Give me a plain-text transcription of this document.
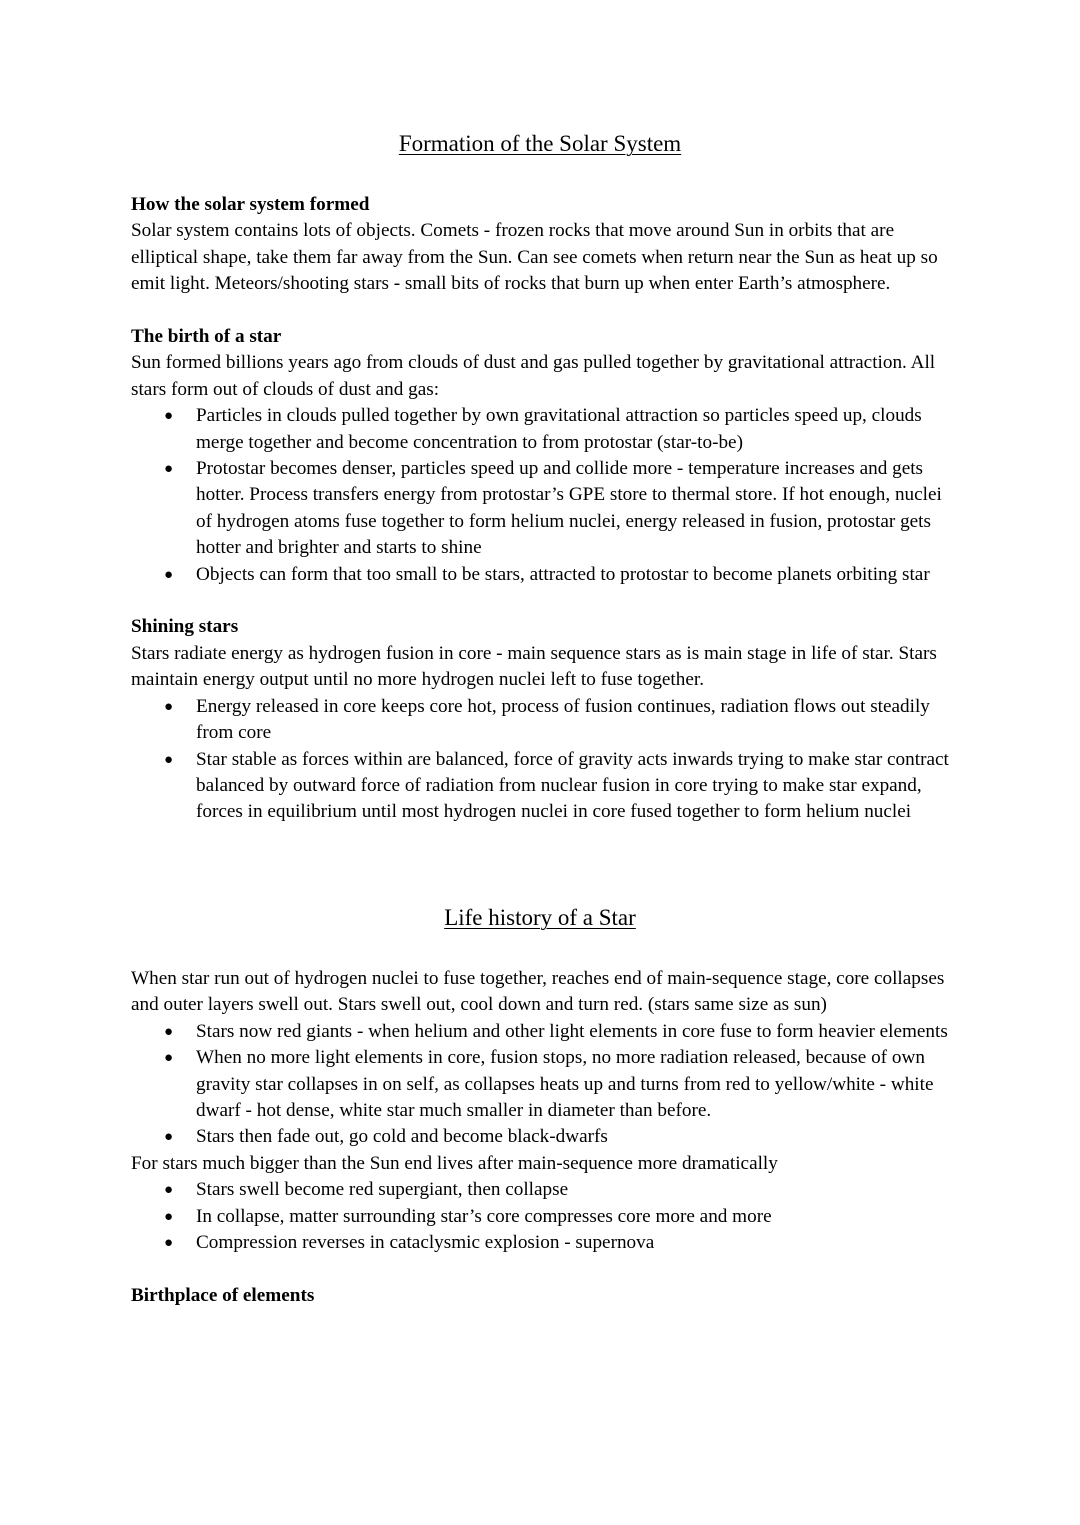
Formation of the Solar System

How the solar system formed

Solar system contains lots of objects. Comets - frozen rocks that move around Sun in orbits that are elliptical shape, take them far away from the Sun. Can see comets when return near the Sun as heat up so emit light. Meteors/shooting stars - small bits of rocks that burn up when enter Earth’s atmosphere.

The birth of a star

Sun formed billions years ago from clouds of dust and gas pulled together by gravitational attraction. All stars form out of clouds of dust and gas:

● Particles in clouds pulled together by own gravitational attraction so particles speed up, clouds merge together and become concentration to from protostar (star-to-be)
● Protostar becomes denser, particles speed up and collide more - temperature increases and gets hotter. Process transfers energy from protostar’s GPE store to thermal store. If hot enough, nuclei of hydrogen atoms fuse together to form helium nuclei, energy released in fusion, protostar gets hotter and brighter and starts to shine
● Objects can form that too small to be stars, attracted to protostar to become planets orbiting star

Shining stars

Stars radiate energy as hydrogen fusion in core - main sequence stars as is main stage in life of star. Stars maintain energy output until no more hydrogen nuclei left to fuse together.

● Energy released in core keeps core hot, process of fusion continues, radiation flows out steadily from core
● Star stable as forces within are balanced, force of gravity acts inwards trying to make star contract balanced by outward force of radiation from nuclear fusion in core trying to make star expand, forces in equilibrium until most hydrogen nuclei in core fused together to form helium nuclei
Life history of a Star

When star run out of hydrogen nuclei to fuse together, reaches end of main-sequence stage, core collapses and outer layers swell out. Stars swell out, cool down and turn red. (stars same size as sun)

● Stars now red giants - when helium and other light elements in core fuse to form heavier elements
● When no more light elements in core, fusion stops, no more radiation released, because of own gravity star collapses in on self, as collapses heats up and turns from red to yellow/white - white dwarf - hot dense, white star much smaller in diameter than before.
● Stars then fade out, go cold and become black-dwarfs

For stars much bigger than the Sun end lives after main-sequence more dramatically

● Stars swell become red supergiant, then collapse
● In collapse, matter surrounding star’s core compresses core more and more
● Compression reverses in cataclysmic explosion - supernova

Birthplace of elements
